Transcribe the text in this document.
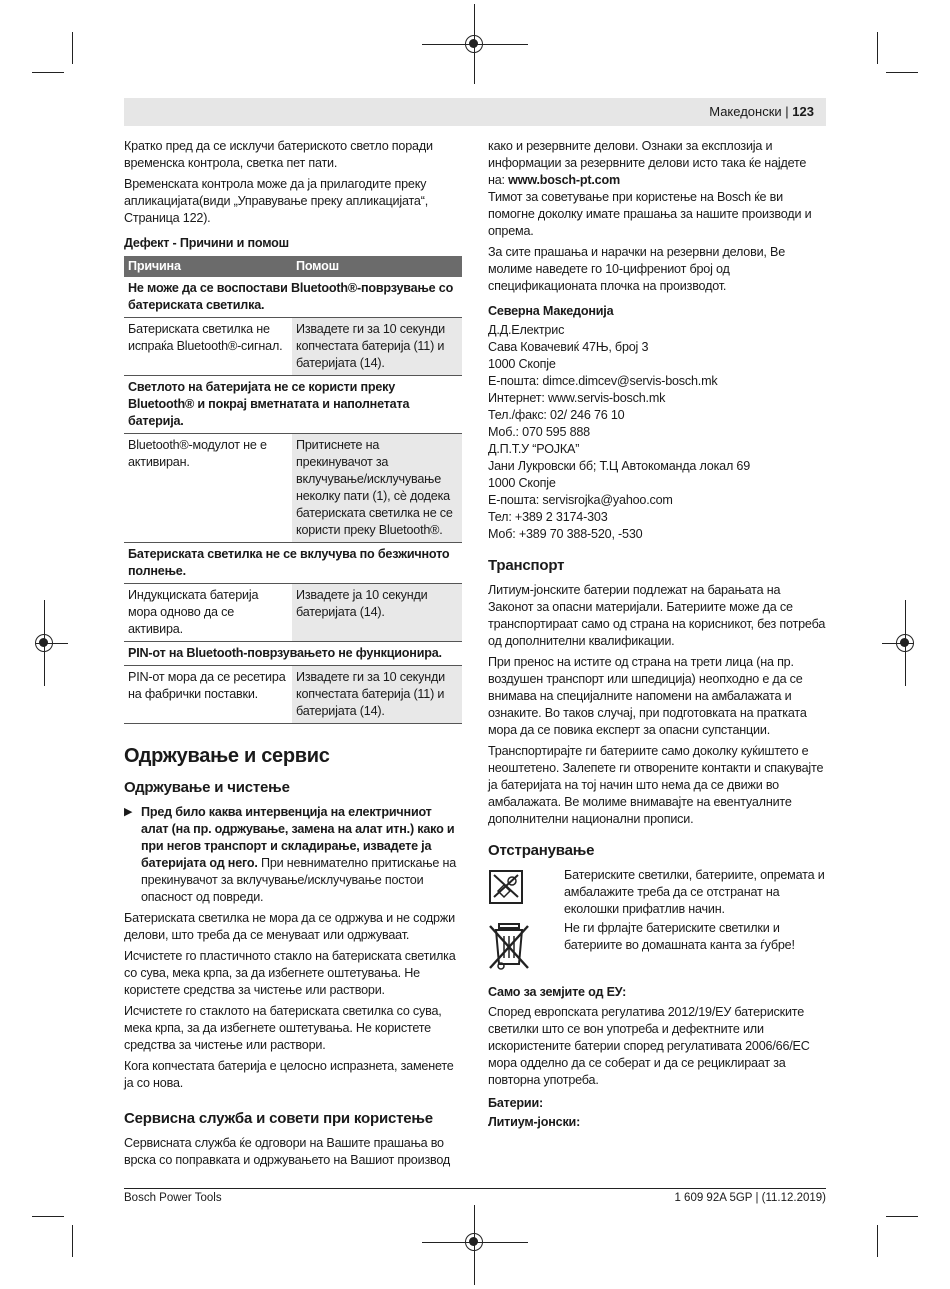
Македонски | 123

Кратко пред да се исклучи батериското светло поради временска контрола, светка пет пати.

Временската контрола може да ја прилагодите преку апликацијата(види „Управување преку апликацијата“, Страница 122).

Дефект - Причини и помош
Причина	Помош
Не може да се воспостави Bluetooth®-поврзување со батериската светилка.	
Батериската светилка не испраќа Bluetooth®-сигнал.	Извадете ги за 10 секунди копчестата батерија (11) и батеријата (14).
Светлото на батеријата не се користи преку Bluetooth® и покрај вметнатата и наполнетата батерија.	
Bluetooth®-модулот не е активиран.	Притиснете на прекинувачот за вклучување/исклучување неколку пати (1), сè додека батериската светилка не се користи преку Bluetooth®.
Батериската светилка не се вклучува по безжичното полнење.	
Индукциската батерија мора одново да се активира.	Извадете ја 10 секунди батеријата (14).
PIN-от на Bluetooth-поврзувањето не функционира.	
PIN-от мора да се ресетира на фабрички поставки.	Извадете ги за 10 секунди копчестата батерија (11) и батеријата (14).
Одржување и сервис
Одржување и чистење
▶ Пред било каква интервенција на електричниот алат (на пр. одржување, замена на алат итн.) како и при негов транспорт и складирање, извадете ја батеријата од него. При невнимателно притискање на прекинувачот за вклучување/исклучување постои опасност од повреди.

Батериската светилка не мора да се одржува и не содржи делови, што треба да се менуваат или одржуваат.

Исчистете го пластичното стакло на батериската светилка со сува, мека крпа, за да избегнете оштетувања. Не користете средства за чистење или раствори.

Исчистете го стаклото на батериската светилка со сува, мека крпа, за да избегнете оштетувања. Не користете средства за чистење или раствори.

Кога копчестата батерија е целосно испразнета, заменете ја со нова.

Сервисна служба и совети при користење

Сервисната служба ќе одговори на Вашите прашања во врска со поправката и одржувањето на Вашиот производ

како и резервните делови. Ознаки за експлозија и информации за резервните делови исто така ќе најдете на: www.bosch-pt.com

Тимот за советување при користење на Bosch ќе ви помогне доколку имате прашања за нашите производи и опрема.

За сите прашања и нарачки на резервни делови, Ве молиме наведете го 10-цифрениот број од спецификационата плочка на производот.

Северна Македонија

Д.Д.Електрис

Сава Ковачевиќ 47Њ, број 3

1000 Скопје

E-пошта: dimce.dimcev@servis-bosch.mk

Интернет: www.servis-bosch.mk

Тел./факс: 02/ 246 76 10

Моб.: 070 595 888

Д.П.Т.У “РОЈКА”

Јани Лукровски бб; Т.Ц Автокоманда локал 69

1000 Скопје

E-пошта: servisrojka@yahoo.com

Тел: +389 2 3174-303

Моб: +389 70 388-520, -530

Транспорт

Литиум-јонските батерии подлежат на барањата на Законот за опасни материјали. Батериите може да се транспортираат само од страна на корисникот, без потреба од дополнителни квалификации.

При пренос на истите од страна на трети лица (на пр. воздушен транспорт или шпедиција) неопходно е да се внимава на специјалните напомени на амбалажата и ознаките. Во таков случај, при подготовката на пратката мора да се повика експерт за опасни супстанции.

Транспортирајте ги батериите само доколку куќиштето е неоштетено. Залепете ги отворените контакти и спакувајте ја батеријата на тој начин што нема да се движи во амбалажата. Ве молиме внимавајте на евентуалните дополнителни национални прописи.

Отстранување
Батериските светилки, батериите, опремата и амбалажите треба да се отстранат на еколошки прифатлив начин.
Не ги фрлајте батериските светилки и батериите во домашната канта за ѓубре!
Само за земјите од ЕУ:

Според европската регулатива 2012/19/ЕУ батериските светилки што се вон употреба и дефектните или искористените батерии според регулативата 2006/66/ЕС мора одделно да се соберат и да се рециклираат за повторна употреба.

Батерии:
Литиум-јонски:
Bosch Power Tools	1 609 92A 5GP | (11.12.2019)
